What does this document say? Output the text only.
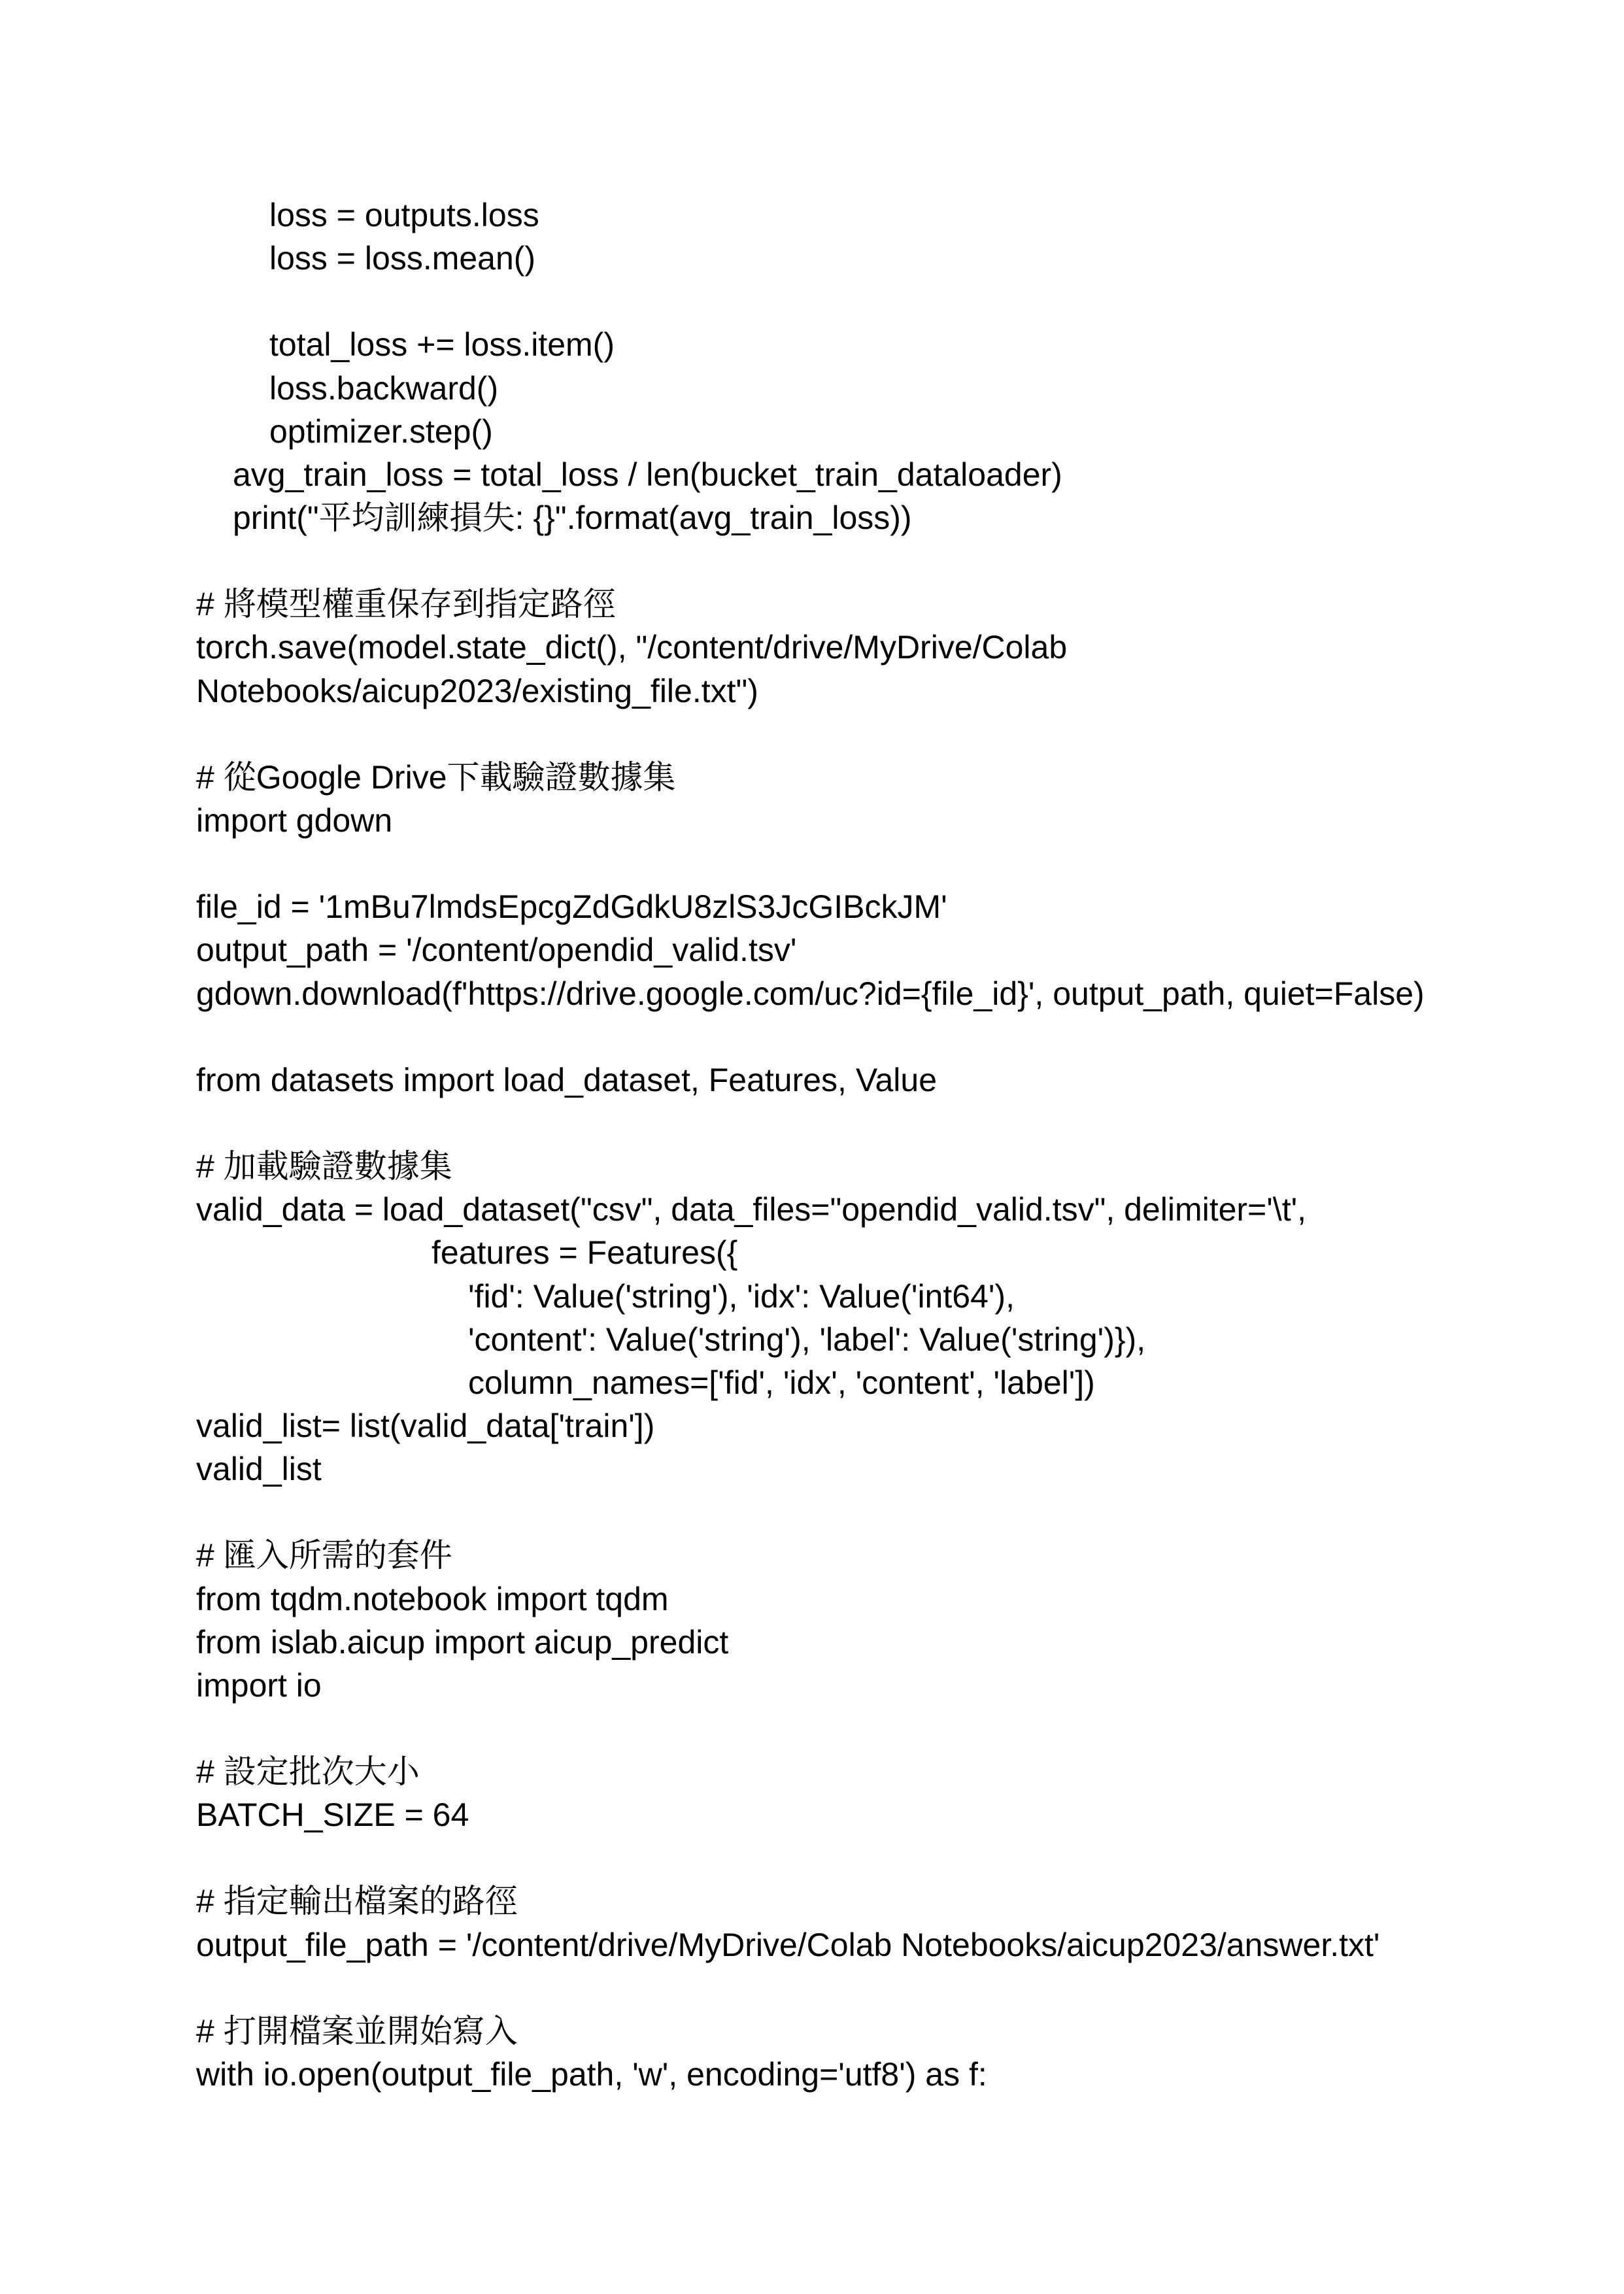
loss = outputs.loss
loss = loss.mean()
total_loss += loss.item()
loss.backward()
optimizer.step()
avg_train_loss = total_loss / len(bucket_train_dataloader)
print("平均訓練損失: {}".format(avg_train_loss))
# 將模型權重保存到指定路徑
torch.save(model.state_dict(), "/content/drive/MyDrive/Colab
Notebooks/aicup2023/existing_file.txt")
# 從Google Drive下載驗證數據集
import gdown
file_id = '1mBu7lmdsEpcgZdGdkU8zlS3JcGIBckJM'
output_path = '/content/opendid_valid.tsv'
gdown.download(f'https://drive.google.com/uc?id={file_id}', output_path, quiet=False)
from datasets import load_dataset, Features, Value
# 加載驗證數據集
valid_data = load_dataset("csv", data_files="opendid_valid.tsv", delimiter='\t',
features = Features({
'fid': Value('string'), 'idx': Value('int64'),
'content': Value('string'), 'label': Value('string')}),
column_names=['fid', 'idx', 'content', 'label'])
valid_list= list(valid_data['train'])
valid_list
# 匯入所需的套件
from tqdm.notebook import tqdm
from islab.aicup import aicup_predict
import io
# 設定批次大小
BATCH_SIZE = 64
# 指定輸出檔案的路徑
output_file_path = '/content/drive/MyDrive/Colab Notebooks/aicup2023/answer.txt'
# 打開檔案並開始寫入
with io.open(output_file_path, 'w', encoding='utf8') as f:
